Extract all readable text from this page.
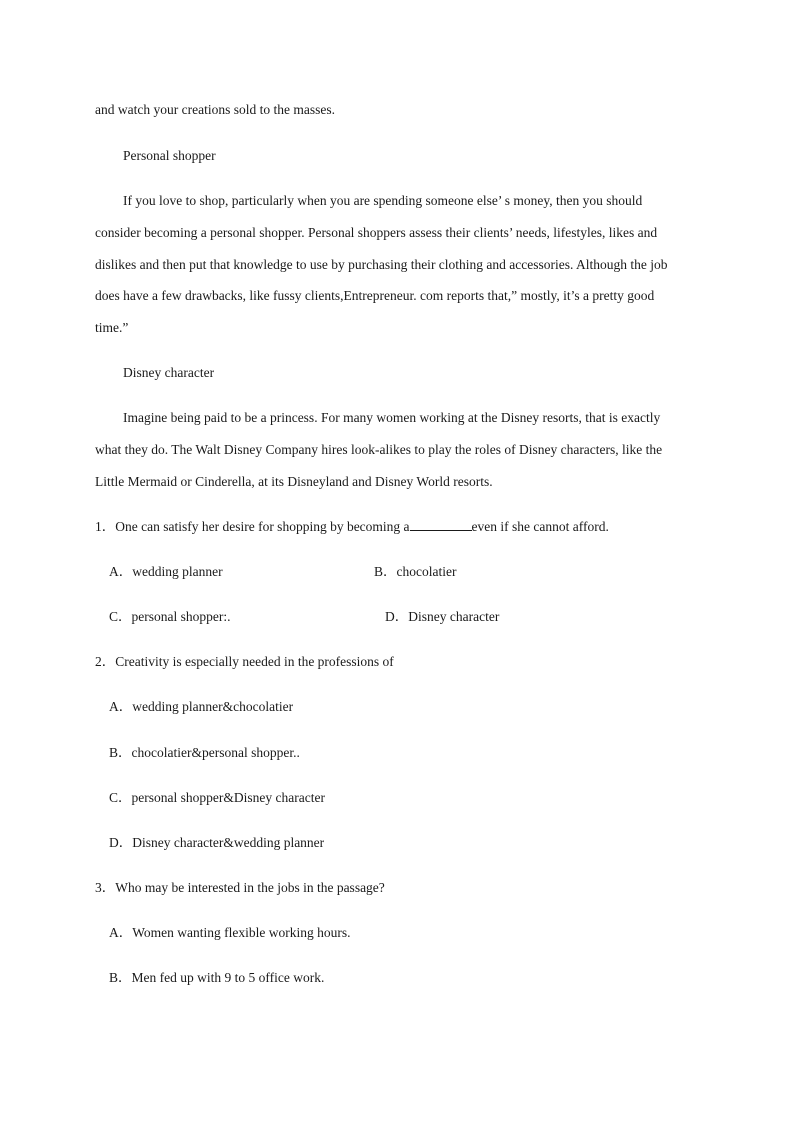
and watch your creations sold to the masses.
Personal shopper
If you love to shop, particularly when you are spending someone else’ s money, then you should
consider becoming a personal shopper. Personal shoppers assess their clients’ needs, lifestyles, likes and
dislikes and then put that knowledge to use by purchasing their clothing and accessories. Although the job
does have a few drawbacks, like fussy clients,Entrepreneur. com reports that,” mostly, it’s a pretty good
time.”
Disney character
Imagine being paid to be a princess. For many women working at the Disney resorts, that is exactly
what they do. The Walt Disney Company hires look-alikes to play the roles of Disney characters, like the
Little Mermaid or Cinderella, at its Disneyland and Disney World resorts.
1．One can satisfy her desire for shopping by becoming a	even if she cannot afford.
A．wedding planner	B．chocolatier
C．personal shopper:.	D．Disney character
2．Creativity is especially needed in the professions of
A．wedding planner&chocolatier
B．chocolatier&personal shopper..
C．personal shopper&Disney character
D．Disney character&wedding planner
3．Who may be interested in the jobs in the passage?
A．Women wanting flexible working hours.
B．Men fed up with 9 to 5 office work.
